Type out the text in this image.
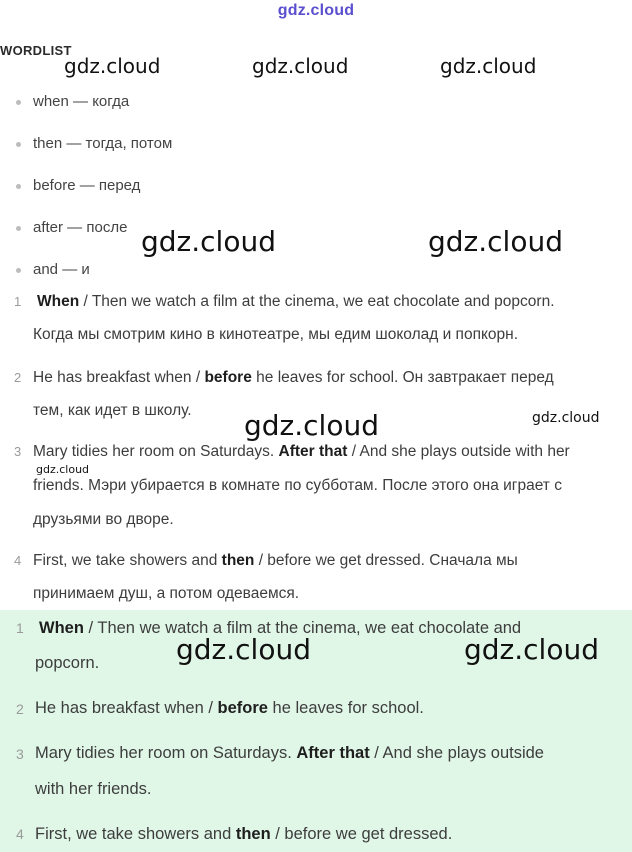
gdz.cloud
WORDLIST
when — когда
then — тогда, потом
before — перед
after — после
and — и
1 When / Then we watch a film at the cinema, we eat chocolate and popcorn.
Когда мы смотрим кино в кинотеатре, мы едим шоколад и попкорн.
2 He has breakfast when / before he leaves for school. Он завтракает перед
тем, как идет в школу.
3 Mary tidies her room on Saturdays. After that / And she plays outside with her
friends. Мэри убирается в комнате по субботам. После этого она играет с
друзьями во дворе.
4 First, we take showers and then / before we get dressed. Сначала мы
принимаем душ, а потом одеваемся.
1 When / Then we watch a film at the cinema, we eat chocolate and
popcorn.
2 He has breakfast when / before he leaves for school.
3 Mary tidies her room on Saturdays. After that / And she plays outside
with her friends.
4 First, we take showers and then / before we get dressed.
gdz.cloud	gdz.cloud	gdz.cloud
gdz.cloud	gdz.cloud
gdz.cloud	gdz.cloud
gdz.cloud
gdz.cloud	gdz.cloud
